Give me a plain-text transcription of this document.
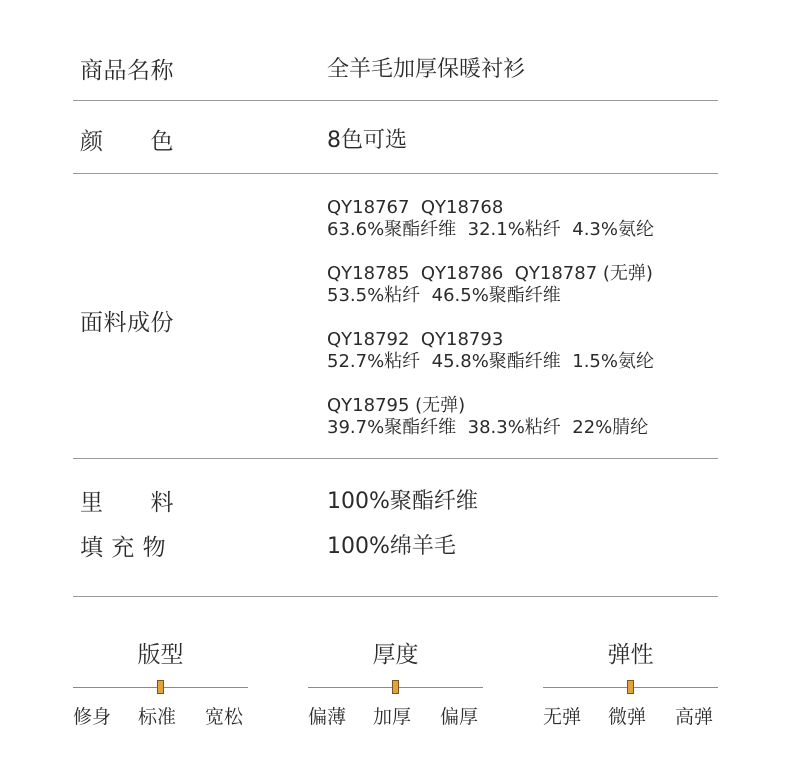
商品名称	全羊毛加厚保暖衬衫
颜　　色	8色可选
面料成份
QY18767  QY18768
63.6%聚酯纤维  32.1%粘纤  4.3%氨纶
QY18785  QY18786  QY18787 (无弹)
53.5%粘纤  46.5%聚酯纤维
QY18792  QY18793
52.7%粘纤  45.8%聚酯纤维  1.5%氨纶
QY18795 (无弹)
39.7%聚酯纤维  38.3%粘纤  22%腈纶
里　　料	100%聚酯纤维
填 充 物	100%绵羊毛
版型
修身 标准 宽松
厚度
偏薄 加厚 偏厚
弹性
无弹 微弹 高弹
